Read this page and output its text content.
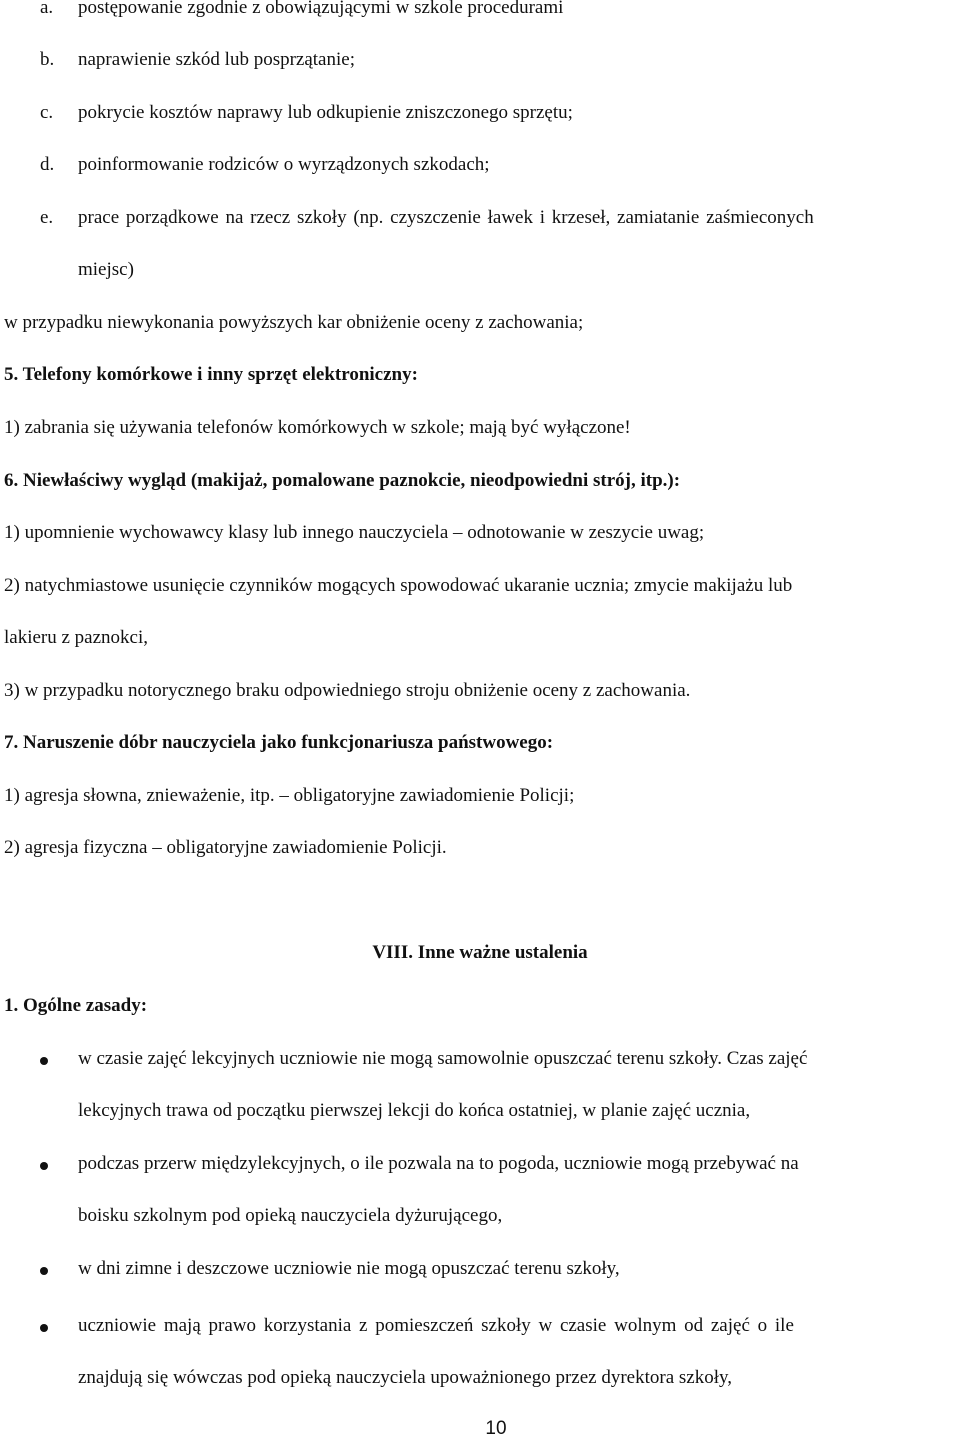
a. postępowanie zgodnie z obowiązującymi w szkole procedurami
b. naprawienie szkód lub posprzątanie;
c. pokrycie kosztów naprawy lub odkupienie zniszczonego sprzętu;
d. poinformowanie rodziców o wyrządzonych szkodach;
e. prace porządkowe na rzecz szkoły (np. czyszczenie ławek i krzeseł, zamiatanie zaśmieconych
miejsc)
w przypadku niewykonania powyższych kar obniżenie oceny z zachowania;
5. Telefony komórkowe i inny sprzęt elektroniczny:
1) zabrania się używania telefonów komórkowych w szkole; mają być wyłączone!
6. Niewłaściwy wygląd (makijaż, pomalowane paznokcie, nieodpowiedni strój, itp.):
1) upomnienie wychowawcy klasy lub innego nauczyciela – odnotowanie w zeszycie uwag;
2) natychmiastowe usunięcie czynników mogących spowodować ukaranie ucznia; zmycie makijażu lub
lakieru z paznokci,
3) w przypadku notorycznego braku odpowiedniego stroju obniżenie oceny z zachowania.
7. Naruszenie dóbr nauczyciela jako funkcjonariusza państwowego:
1) agresja słowna, znieważenie, itp. – obligatoryjne zawiadomienie Policji;
2) agresja fizyczna – obligatoryjne zawiadomienie Policji.
VIII. Inne ważne ustalenia
1. Ogólne zasady:
w czasie zajęć lekcyjnych uczniowie nie mogą samowolnie opuszczać terenu szkoły. Czas zajęć
lekcyjnych trawa od początku pierwszej lekcji do końca ostatniej, w planie zajęć ucznia,
podczas przerw międzylekcyjnych, o ile pozwala na to pogoda, uczniowie mogą przebywać na
boisku szkolnym pod opieką nauczyciela dyżurującego,
w dni zimne i deszczowe uczniowie nie mogą opuszczać terenu szkoły,
uczniowie mają prawo korzystania z pomieszczeń szkoły w czasie wolnym od zajęć o ile
znajdują się wówczas pod opieką nauczyciela upoważnionego przez dyrektora szkoły,
10
